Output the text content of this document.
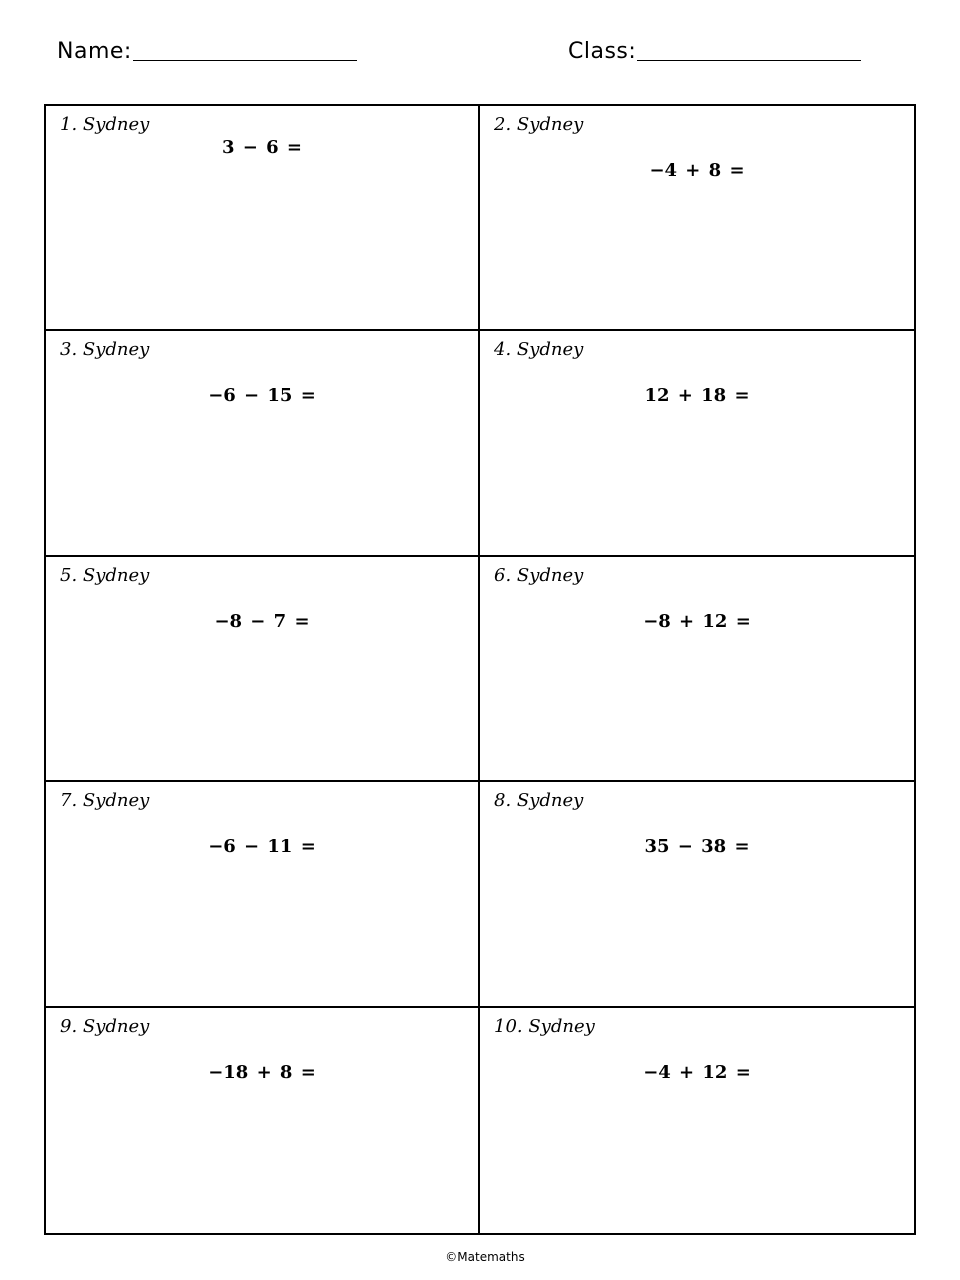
Name:	Class:
1. Sydney
3 − 6 =
2. Sydney
−4 + 8 =
3. Sydney
−6 − 15 =
4. Sydney
12 + 18 =
5. Sydney
−8 − 7 =
6. Sydney
−8 + 12 =
7. Sydney
−6 − 11 =
8. Sydney
35 − 38 =
9. Sydney
−18 + 8 =
10. Sydney
−4 + 12 =
©Matemaths
